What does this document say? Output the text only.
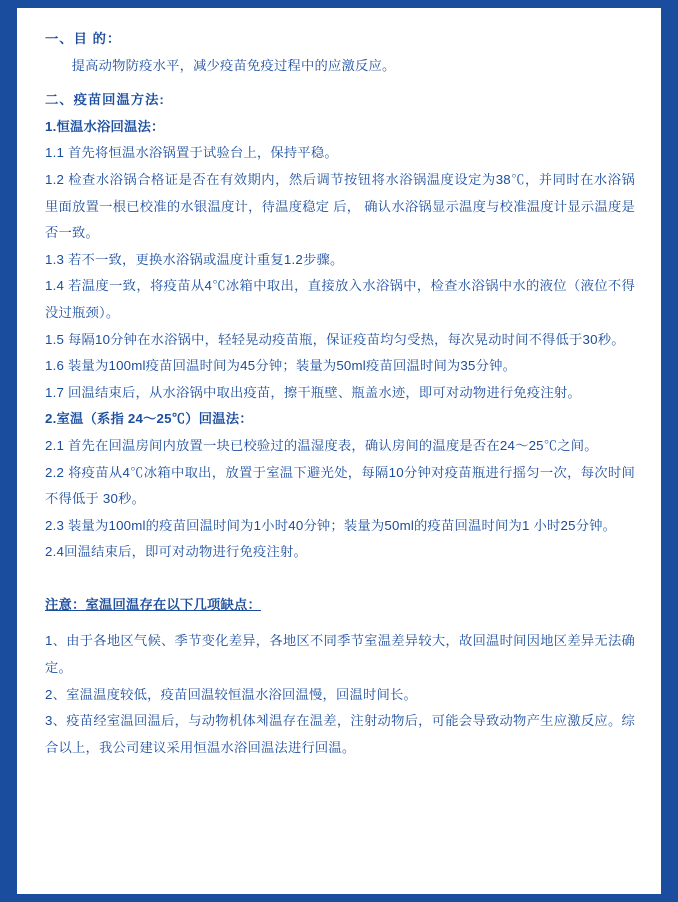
一、目 的：
提高动物防疫水平，减少疫苗免疫过程中的应激反应。
二、疫苗回温方法:
1.恒温水浴回温法：
1.1 首先将恒温水浴锅置于试验台上，保持平稳。
1.2 检查水浴锅合格证是否在有效期内，然后调节按钮将水浴锅温度设定为38℃，并同时在水浴锅里面放置一根已校准的水银温度计，待温度稳定 后， 确认水浴锅显示温度与校准温度计显示温度是否一致。
1.3 若不一致，更换水浴锅或温度计重复1.2步骤。
1.4 若温度一致，将疫苗从4℃冰箱中取出，直接放入水浴锅中，检查水浴锅中水的液位（液位不得没过瓶颈）。
1.5 每隔10分钟在水浴锅中，轻轻晃动疫苗瓶，保证疫苗均匀受热，每次晃动时间不得低于30秒。
1.6 装量为100ml疫苗回温时间为45分钟；装量为50ml疫苗回温时间为35分钟。
1.7 回温结束后，从水浴锅中取出疫苗，擦干瓶壁、瓶盖水迹，即可对动物进行免疫注射。
2.室温（系指 24～25℃）回温法：
2.1 首先在回温房间内放置一块已校验过的温湿度表，确认房间的温度是否在24～25℃之间。
2.2 将疫苗从4℃冰箱中取出，放置于室温下避光处，每隔10分钟对疫苗瓶进行摇匀一次，每次时间不得低于 30秒。
2.3 装量为100ml的疫苗回温时间为1小时40分钟；装量为50ml的疫苗回温时间为1 小时25分钟。
2.4回温结束后，即可对动物进行免疫注射。
注意：室温回温存在以下几项缺点：
1、由于各地区气候、季节变化差异，各地区不同季节室温差异较大，故回温时间因地区差异无法确定。
2、室温温度较低，疫苗回温较恒温水浴回温慢，回温时间长。
3、疫苗经室温回温后，与动物机体체温存在温差，注射动物后，可能会导致动物产生应激反应。综合以上，我公司建议采用恒温水浴回温法进行回温。
